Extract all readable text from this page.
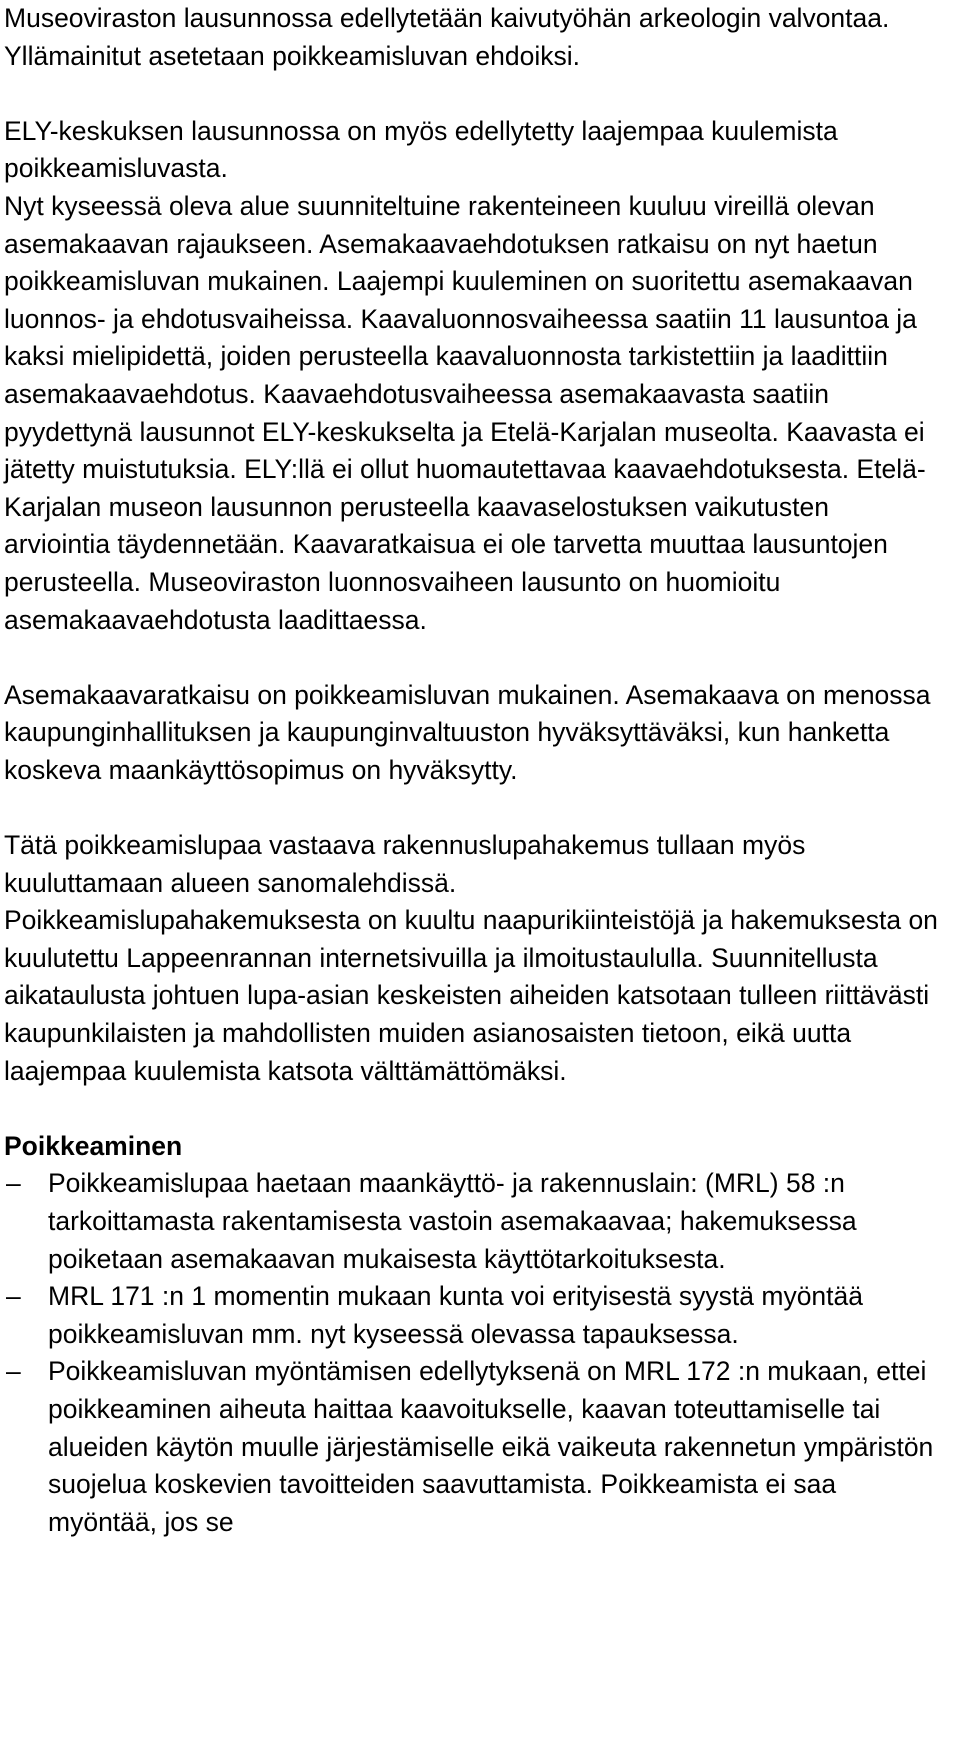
Museoviraston lausunnossa edellytetään kaivutyöhän arkeologin valvontaa.

Yllämainitut asetetaan poikkeamisluvan ehdoiksi.

ELY-keskuksen lausunnossa on myös edellytetty laajempaa kuulemista poikkeamisluvasta.

Nyt kyseessä oleva alue suunniteltuine rakenteineen kuuluu vireillä olevan asemakaavan rajaukseen. Asemakaavaehdotuksen ratkaisu on nyt haetun poikkeamisluvan mukainen. Laajempi kuuleminen on suoritettu asemakaavan luonnos- ja ehdotusvaiheissa. Kaavaluonnosvaiheessa saatiin 11 lausuntoa ja kaksi mielipidettä, joiden perusteella kaavaluonnosta tarkistettiin ja laadittiin asemakaavaehdotus. Kaavaehdotusvaiheessa asemakaavasta saatiin pyydettynä lausunnot ELY-keskukselta ja Etelä-Karjalan museolta. Kaavasta ei jätetty muistutuksia. ELY:llä ei ollut huomautettavaa kaavaehdotuksesta. Etelä-Karjalan museon lausunnon perusteella kaavaselostuksen vaikutusten arviointia täydennetään. Kaavaratkaisua ei ole tarvetta muuttaa lausuntojen perusteella. Museoviraston luonnosvaiheen lausunto on huomioitu asemakaavaehdotusta laadittaessa.

Asemakaavaratkaisu on poikkeamisluvan mukainen. Asemakaava on menossa kaupunginhallituksen ja kaupunginvaltuuston hyväksyttäväksi, kun hanketta koskeva maankäyttösopimus on hyväksytty.

Tätä poikkeamislupaa vastaava rakennuslupahakemus tullaan myös kuuluttamaan alueen sanomalehdissä.

Poikkeamislupahakemuksesta on kuultu naapurikiinteistöjä ja hakemuksesta on kuulutettu Lappeenrannan internetsivuilla ja ilmoitustaululla. Suunnitellusta aikataulusta johtuen lupa-asian keskeisten aiheiden katsotaan tulleen riittävästi kaupunkilaisten ja mahdollisten muiden asianosaisten tietoon, eikä uutta laajempaa kuulemista katsota välttämättömäksi.

Poikkeaminen
–	Poikkeamislupaa haetaan maankäyttö- ja rakennuslain: (MRL) 58 :n tarkoittamasta rakentamisesta vastoin asemakaavaa; hakemuksessa poiketaan asemakaavan mukaisesta käyttötarkoituksesta.
–	MRL 171 :n 1 momentin mukaan kunta voi erityisestä syystä myöntää poikkeamisluvan mm. nyt kyseessä olevassa tapauksessa.
–	Poikkeamisluvan myöntämisen edellytyksenä on MRL 172 :n mukaan, ettei poikkeaminen aiheuta haittaa kaavoitukselle, kaavan toteuttamiselle tai alueiden käytön muulle järjestämiselle eikä vaikeuta rakennetun ympäristön suojelua koskevien tavoitteiden saavuttamista. Poikkeamista ei saa myöntää, jos se
